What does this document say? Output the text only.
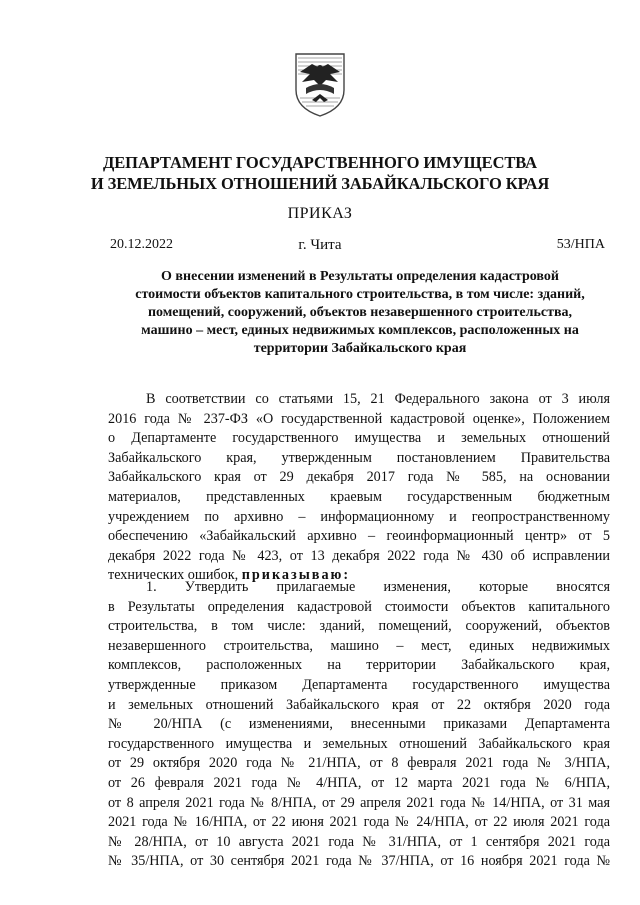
ДЕПАРТАМЕНТ ГОСУДАРСТВЕННОГО ИМУЩЕСТВА
И ЗЕМЕЛЬНЫХ ОТНОШЕНИЙ ЗАБАЙКАЛЬСКОГО КРАЯ
ПРИКАЗ
20.12.2022	г. Чита	53/НПА
О внесении изменений в Результаты определения кадастровой
стоимости объектов капитального строительства, в том числе: зданий,
помещений, сооружений, объектов незавершенного строительства,
машино – мест, единых недвижимых комплексов, расположенных на
территории Забайкальского края
В соответствии со статьями 15, 21 Федерального закона от 3 июля
2016 года № 237-ФЗ «О государственной кадастровой оценке», Положением
о Департаменте государственного имущества и земельных отношений
Забайкальского края, утвержденным постановлением Правительства
Забайкальского края от 29 декабря 2017 года № 585, на основании
материалов, представленных краевым государственным бюджетным
учреждением по архивно – информационному и геопространственному
обеспечению «Забайкальский архивно – геоинформационный центр» от 5
декабря 2022 года № 423, от 13 декабря 2022 года № 430 об исправлении
технических ошибок, приказываю:
1. Утвердить прилагаемые изменения, которые вносятся
в Результаты определения кадастровой стоимости объектов капитального
строительства, в том числе: зданий, помещений, сооружений, объектов
незавершенного строительства, машино – мест, единых недвижимых
комплексов, расположенных на территории Забайкальского края,
утвержденные приказом Департамента государственного имущества
и земельных отношений Забайкальского края от 22 октября 2020 года
№ 20/НПА (с изменениями, внесенными приказами Департамента
государственного имущества и земельных отношений Забайкальского края
от 29 октября 2020 года № 21/НПА, от 8 февраля 2021 года № 3/НПА,
от 26 февраля 2021 года № 4/НПА, от 12 марта 2021 года № 6/НПА,
от 8 апреля 2021 года № 8/НПА, от 29 апреля 2021 года № 14/НПА, от 31 мая
2021 года № 16/НПА, от 22 июня 2021 года № 24/НПА, от 22 июля 2021 года
№ 28/НПА, от 10 августа 2021 года № 31/НПА, от 1 сентября 2021 года
№ 35/НПА, от 30 сентября 2021 года № 37/НПА, от 16 ноября 2021 года №
